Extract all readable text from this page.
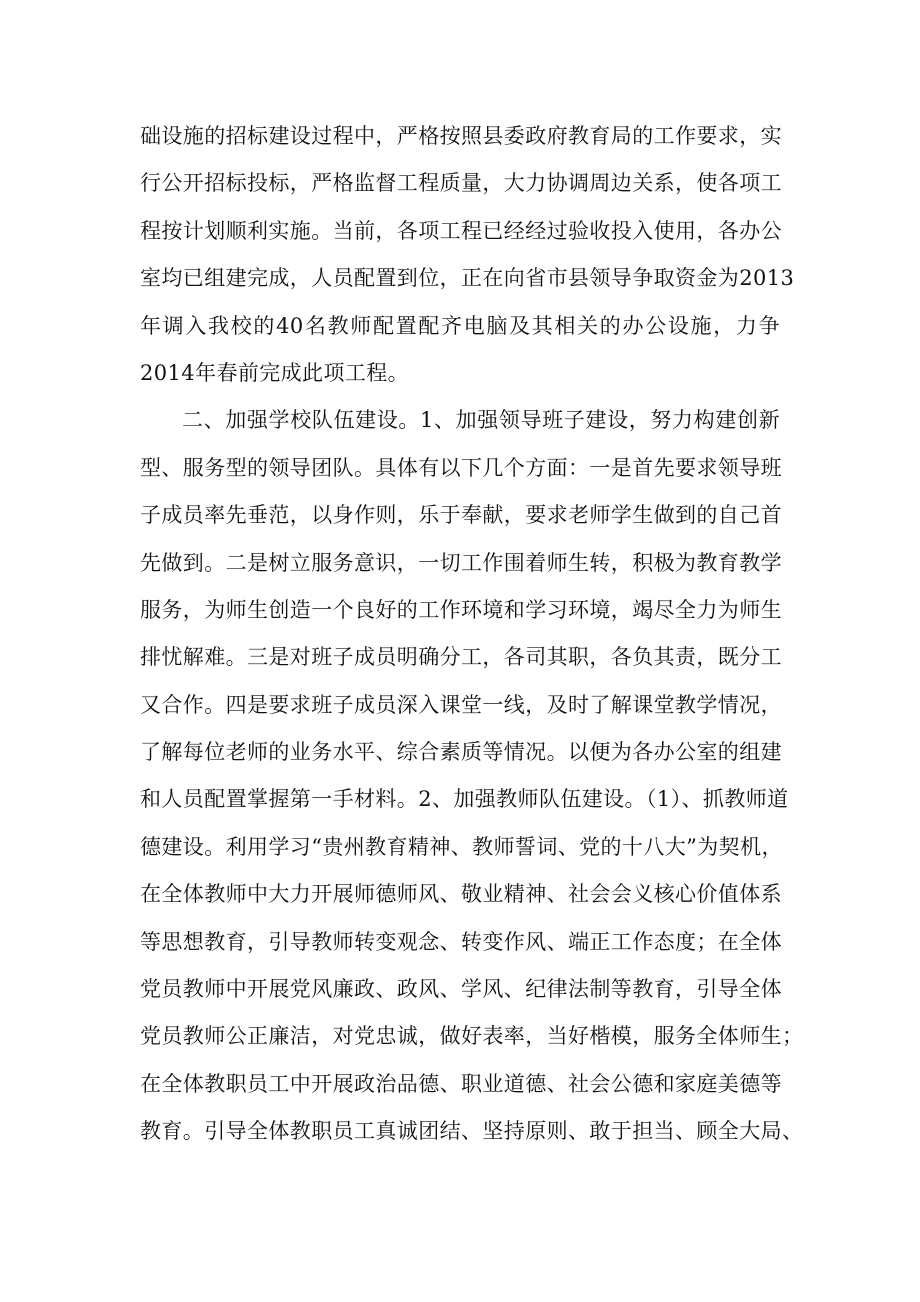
础设施的招标建设过程中，严格按照县委政府教育局的工作要求，实
行公开招标投标，严格监督工程质量，大力协调周边关系，使各项工
程按计划顺利实施。当前，各项工程已经经过验收投入使用，各办公
室均已组建完成，人员配置到位，正在向省市县领导争取资金为2013
年调入我校的40名教师配置配齐电脑及其相关的办公设施，力争
2014年春前完成此项工程。
二、加强学校队伍建设。1、加强领导班子建设，努力构建创新
型、服务型的领导团队。具体有以下几个方面：一是首先要求领导班
子成员率先垂范，以身作则，乐于奉献，要求老师学生做到的自己首
先做到。二是树立服务意识，一切工作围着师生转，积极为教育教学
服务，为师生创造一个良好的工作环境和学习环境，竭尽全力为师生
排忧解难。三是对班子成员明确分工，各司其职，各负其责，既分工
又合作。四是要求班子成员深入课堂一线，及时了解课堂教学情况，
了解每位老师的业务水平、综合素质等情况。以便为各办公室的组建
和人员配置掌握第一手材料。2、加强教师队伍建设。（1）、抓教师道
德建设。利用学习“贵州教育精神、教师誓词、党的十八大”为契机，
在全体教师中大力开展师德师风、敬业精神、社会会义核心价值体系
等思想教育，引导教师转变观念、转变作风、端正工作态度；在全体
党员教师中开展党风廉政、政风、学风、纪律法制等教育，引导全体
党员教师公正廉洁，对党忠诚，做好表率，当好楷模，服务全体师生；
在全体教职员工中开展政治品德、职业道德、社会公德和家庭美德等
教育。引导全体教职员工真诚团结、坚持原则、敢于担当、顾全大局、
